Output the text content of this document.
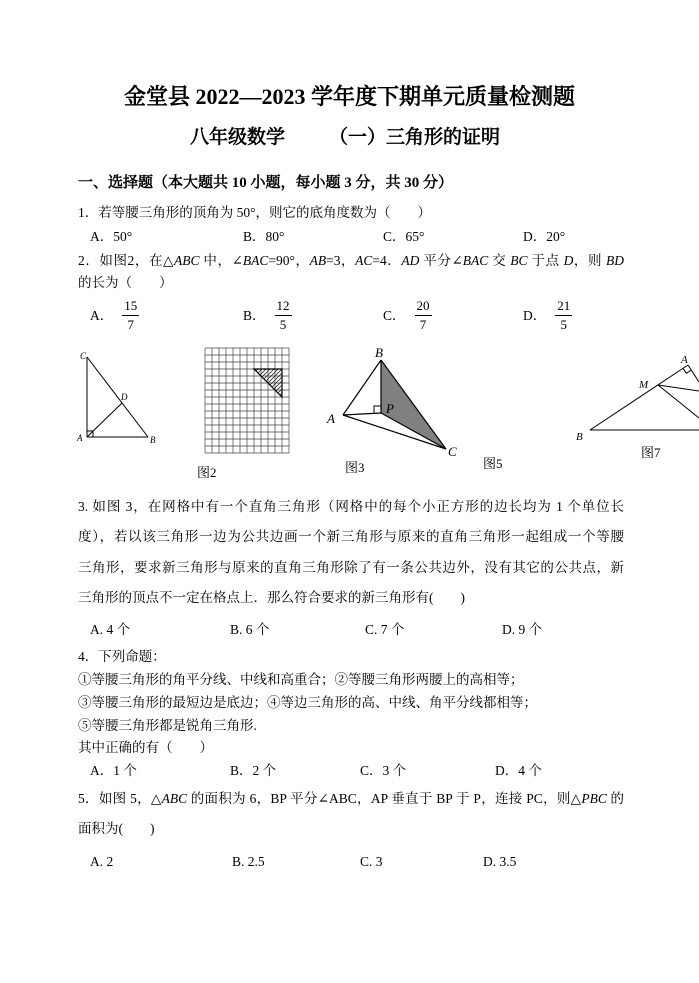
金堂县 2022—2023 学年度下期单元质量检测题
八年级数学 （一）三角形的证明
一、选择题（本大题共 10 小题，每小题 3 分，共 30 分）
1．若等腰三角形的顶角为 50°，则它的底角度数为（　　）
A．50°	B．80°	C．65°	D．20°
2．如图2，在△ABC 中，∠BAC=90°，AB=3，AC=4．AD 平分∠BAC 交 BC 于点 D，则 BD
的长为（　　）
A． $\frac{15}{7}$	B． $\frac{12}{5}$	C． $\frac{20}{7}$	D． $\frac{21}{5}$
C
D
A	B
B
A
P
C
M
A
B
图2	图3	图5
图7
3. 如图 3，在网格中有一个直角三角形（网格中的每个小正方形的边长均为 1 个单位长
度），若以该三角形一边为公共边画一个新三角形与原来的直角三角形一起组成一个等腰
三角形，要求新三角形与原来的直角三角形除了有一条公共边外，没有其它的公共点，新
三角形的顶点不一定在格点上．那么符合要求的新三角形有(　　)
A. 4 个	B. 6 个	C. 7 个	D. 9 个
4．下列命题：
①等腰三角形的角平分线、中线和高重合；②等腰三角形两腰上的高相等；
③等腰三角形的最短边是底边；④等边三角形的高、中线、角平分线都相等；
⑤等腰三角形都是锐角三角形.
其中正确的有（　　）
A．1 个	B．2 个	C．3 个	D．4 个
5．如图 5，△ABC 的面积为 6，BP 平分∠ABC，AP 垂直于 BP 于 P，连接 PC，则△PBC 的
面积为(　　)
A. 2	B. 2.5	C. 3	D. 3.5
